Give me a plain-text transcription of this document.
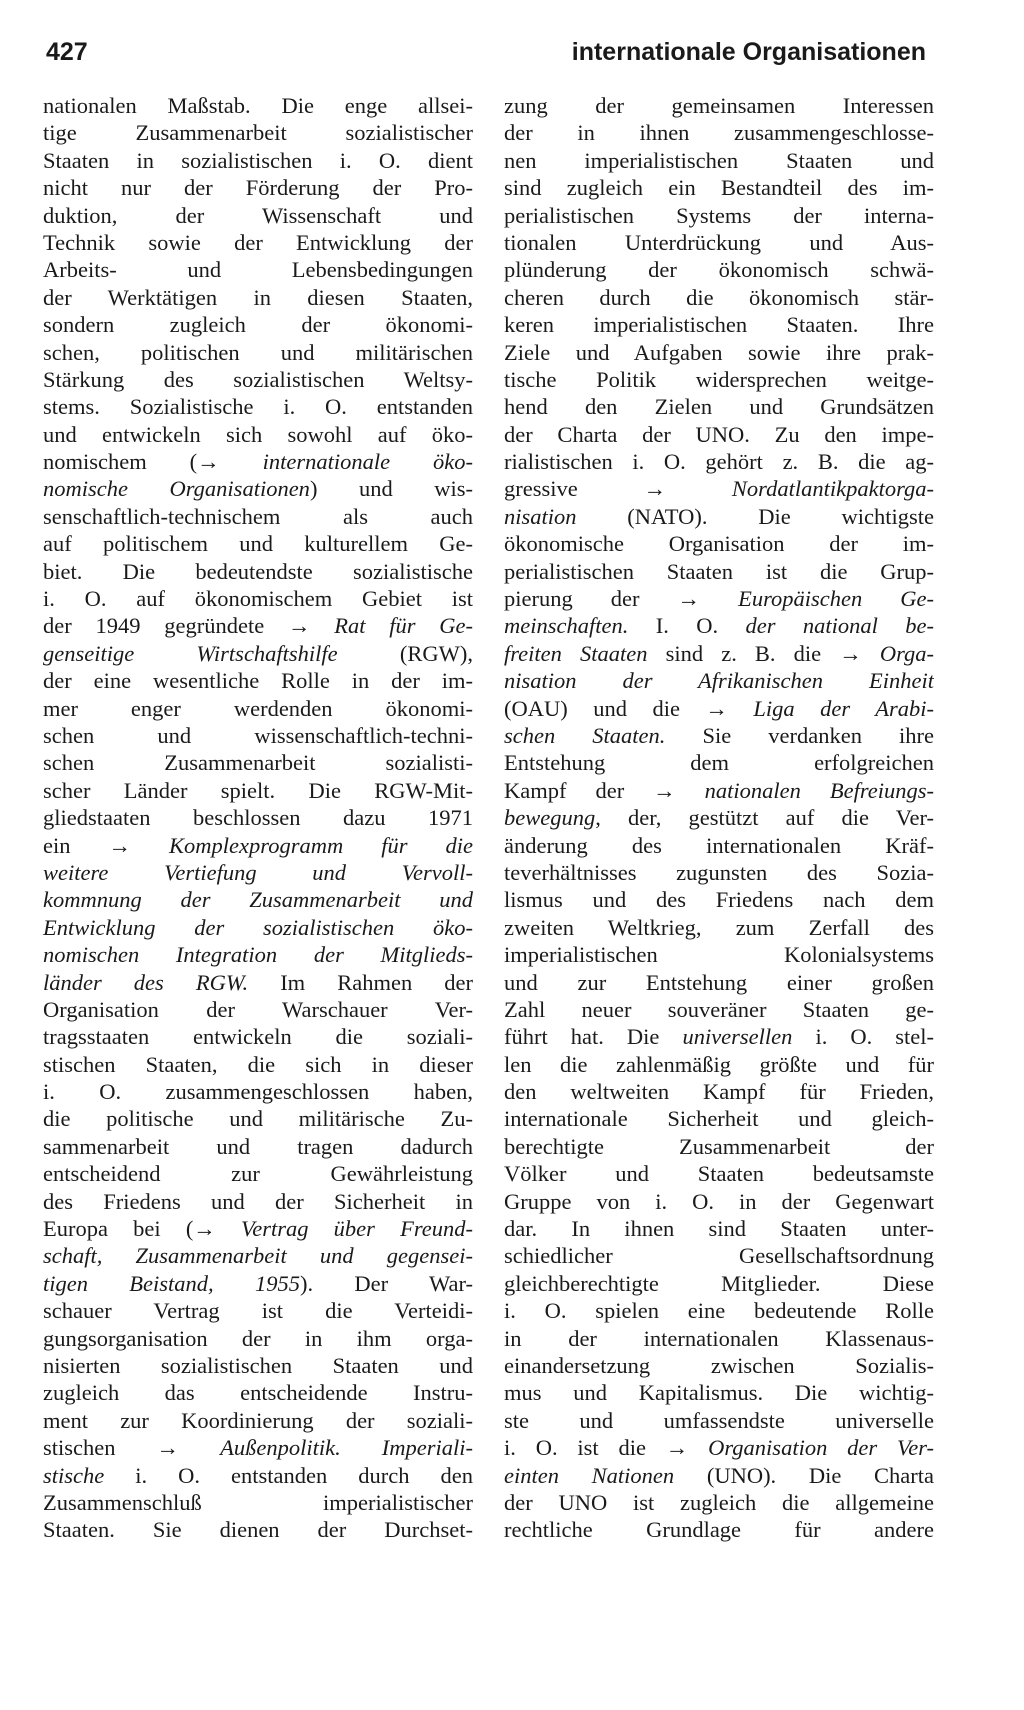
427	internationale Organisationen
nationalen Maßstab. Die enge allsei-
tige Zusammenarbeit sozialistischer
Staaten in sozialistischen i. O. dient
nicht nur der Förderung der Pro-
duktion, der Wissenschaft und
Technik sowie der Entwicklung der
Arbeits- und Lebensbedingungen
der Werktätigen in diesen Staaten,
sondern zugleich der ökonomi-
schen, politischen und militärischen
Stärkung des sozialistischen Weltsy-
stems. Sozialistische i. O. entstanden
und entwickeln sich sowohl auf öko-
nomischem (→ internationale öko-
nomische Organisationen) und wis-
senschaftlich-technischem als auch
auf politischem und kulturellem Ge-
biet. Die bedeutendste sozialistische
i. O. auf ökonomischem Gebiet ist
der 1949 gegründete → Rat für Ge-
genseitige Wirtschaftshilfe (RGW),
der eine wesentliche Rolle in der im-
mer enger werdenden ökonomi-
schen und wissenschaftlich-techni-
schen Zusammenarbeit sozialisti-
scher Länder spielt. Die RGW-Mit-
gliedstaaten beschlossen dazu 1971
ein → Komplexprogramm für die
weitere Vertiefung und Vervoll-
kommnung der Zusammenarbeit und
Entwicklung der sozialistischen öko-
nomischen Integration der Mitglieds-
länder des RGW. Im Rahmen der
Organisation der Warschauer Ver-
tragsstaaten entwickeln die soziali-
stischen Staaten, die sich in dieser
i. O. zusammengeschlossen haben,
die politische und militärische Zu-
sammenarbeit und tragen dadurch
entscheidend zur Gewährleistung
des Friedens und der Sicherheit in
Europa bei (→ Vertrag über Freund-
schaft, Zusammenarbeit und gegensei-
tigen Beistand, 1955). Der War-
schauer Vertrag ist die Verteidi-
gungsorganisation der in ihm orga-
nisierten sozialistischen Staaten und
zugleich das entscheidende Instru-
ment zur Koordinierung der soziali-
stischen → Außenpolitik. Imperiali-
stische i. O. entstanden durch den
Zusammenschluß imperialistischer
Staaten. Sie dienen der Durchset-
zung der gemeinsamen Interessen
der in ihnen zusammengeschlosse-
nen imperialistischen Staaten und
sind zugleich ein Bestandteil des im-
perialistischen Systems der interna-
tionalen Unterdrückung und Aus-
plünderung der ökonomisch schwä-
cheren durch die ökonomisch stär-
keren imperialistischen Staaten. Ihre
Ziele und Aufgaben sowie ihre prak-
tische Politik widersprechen weitge-
hend den Zielen und Grundsätzen
der Charta der UNO. Zu den impe-
rialistischen i. O. gehört z. B. die ag-
gressive → Nordatlantikpaktorga-
nisation (NATO). Die wichtigste
ökonomische Organisation der im-
perialistischen Staaten ist die Grup-
pierung der → Europäischen Ge-
meinschaften. I. O. der national be-
freiten Staaten sind z. B. die → Orga-
nisation der Afrikanischen Einheit
(OAU) und die → Liga der Arabi-
schen Staaten. Sie verdanken ihre
Entstehung dem erfolgreichen
Kampf der → nationalen Befreiungs-
bewegung, der, gestützt auf die Ver-
änderung des internationalen Kräf-
teverhältnisses zugunsten des Sozia-
lismus und des Friedens nach dem
zweiten Weltkrieg, zum Zerfall des
imperialistischen Kolonialsystems
und zur Entstehung einer großen
Zahl neuer souveräner Staaten ge-
führt hat. Die universellen i. O. stel-
len die zahlenmäßig größte und für
den weltweiten Kampf für Frieden,
internationale Sicherheit und gleich-
berechtigte Zusammenarbeit der
Völker und Staaten bedeutsamste
Gruppe von i. O. in der Gegenwart
dar. In ihnen sind Staaten unter-
schiedlicher Gesellschaftsordnung
gleichberechtigte Mitglieder. Diese
i. O. spielen eine bedeutende Rolle
in der internationalen Klassenaus-
einandersetzung zwischen Sozialis-
mus und Kapitalismus. Die wichtig-
ste und umfassendste universelle
i. O. ist die → Organisation der Ver-
einten Nationen (UNO). Die Charta
der UNO ist zugleich die allgemeine
rechtliche Grundlage für andere
